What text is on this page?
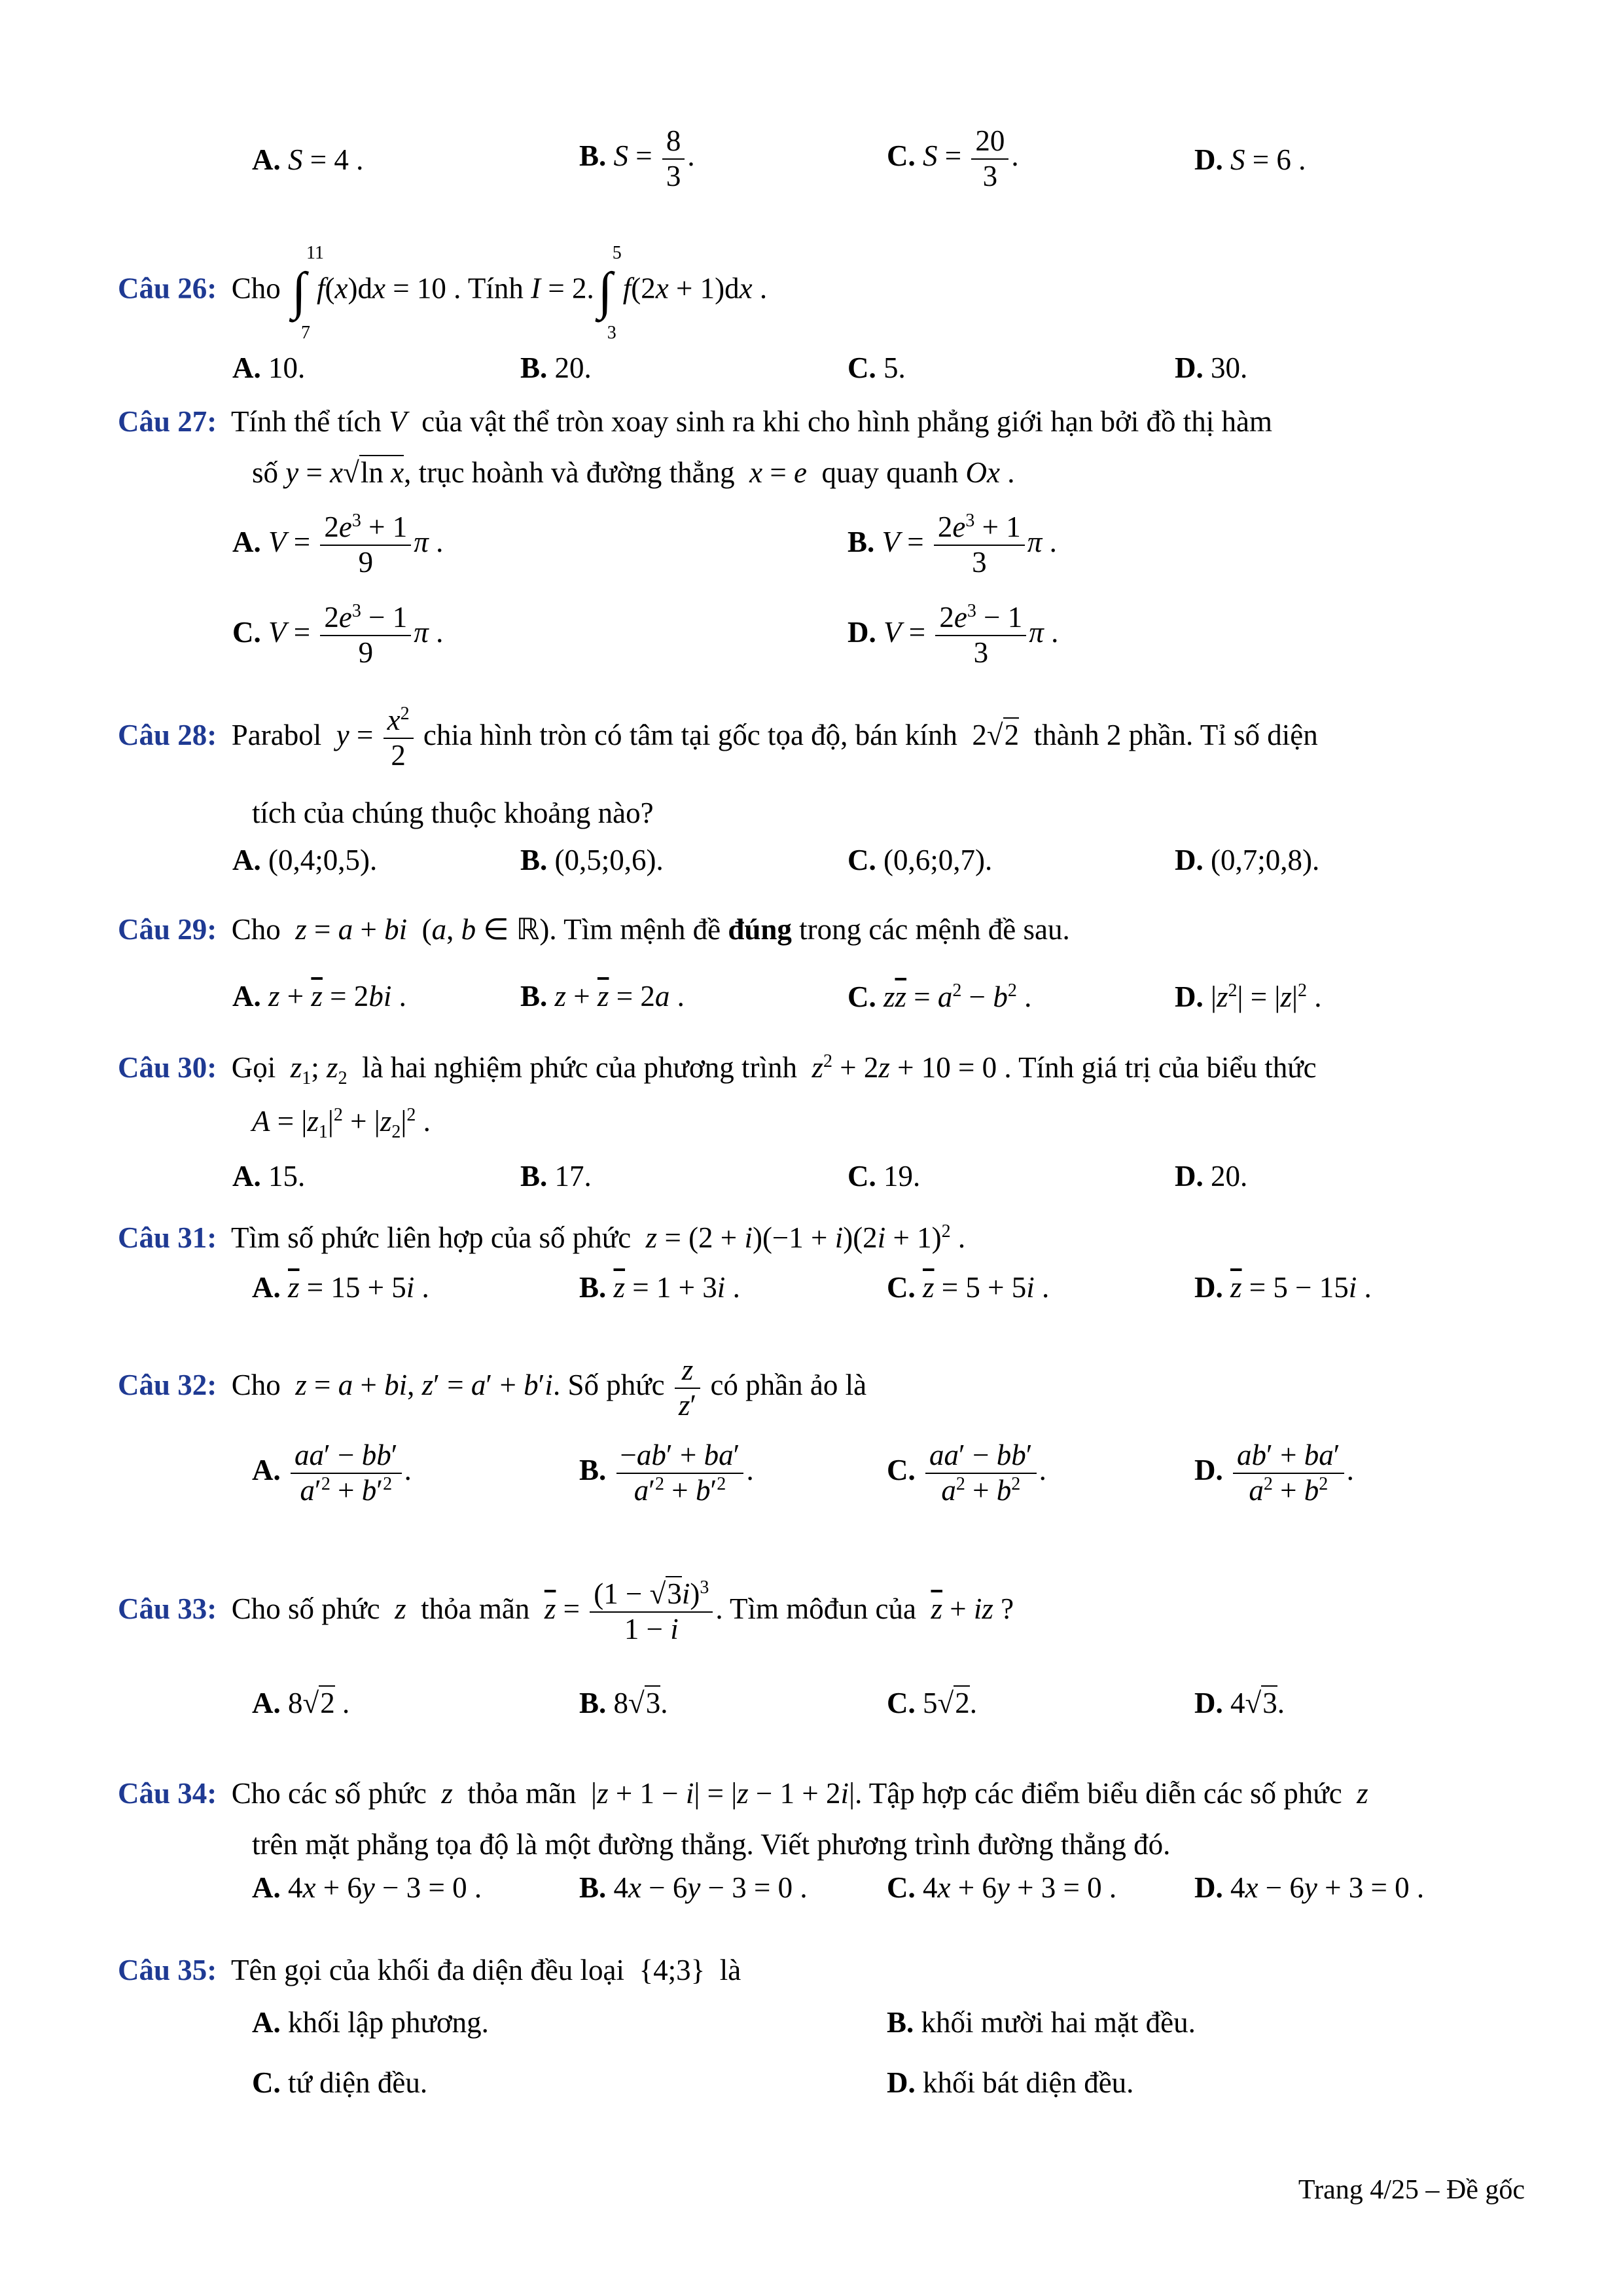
A. S = 4 .	B. $S = \frac{8}{3}$ .	C. $S = \frac{20}{3}$ .	D. S = 6 .
Câu 26: Cho
11
∫
7
f(x)dx = 10 . Tính I = 2.
5
∫
3
f(2x + 1)dx .
A. 10.	B. 20.	C. 5.	D. 30.
Câu 27: Tính thể tích V của vật thể tròn xoay sinh ra khi cho hình phẳng giới hạn bởi đồ thị hàm
số y = x√ln x, trục hoành và đường thẳng x = e quay quanh Ox .
A. $V = \frac{2e^3 + 1}{9}$ π .	B. $V = \frac{2e^3 + 1}{3}$ π .
C. $V = \frac{2e^3 - 1}{9}$ π .	D. $V = \frac{2e^3 - 1}{3}$ π .
Câu 28: Parabol $y = \frac{x^2}{2}$ chia hình tròn có tâm tại gốc tọa độ, bán kính  2√2 thành 2 phần. Tỉ số diện
tích của chúng thuộc khoảng nào?
A. (0,4;0,5).	B. (0,5;0,6).	C. (0,6;0,7).	D. (0,7;0,8).
Câu 29: Cho z = a + bi  (a, b ∈ ℝ). Tìm mệnh đề đúng trong các mệnh đề sau.
A. $z + \overline{z} = 2bi$ .	B. $z + \overline{z} = 2a$ .	C. $z\overline{z} = a^2 - b^2$ .	D. $|z^2| = |z|^2$ .
Câu 30: Gọi $z_1$; $z_2$ là hai nghiệm phức của phương trình $z^2 + 2z + 10 = 0$ . Tính giá trị của biểu thức
$A = |z_1|^2 + |z_2|^2$ .
A. 15.	B. 17.	C. 19.	D. 20.
Câu 31: Tìm số phức liên hợp của số phức $z = (2 + i)(-1 + i)(2i + 1)^2$ .
A. $\overline{z} = 15 + 5i$ .	B. $\overline{z} = 1 + 3i$ .	C. $\overline{z} = 5 + 5i$ .	D. $\overline{z} = 5 - 15i$ .
Câu 32: Cho z = a + bi, z′ = a′ + b′i. Số phức $\frac{z}{z'}$ có phần ảo là
A. $\frac{aa' - bb'}{a'^2 + b'^2}$ .	B. $\frac{-ab' + ba'}{a'^2 + b'^2}$ .	C. $\frac{aa' - bb'}{a^2 + b^2}$ .	D. $\frac{ab' + ba'}{a^2 + b^2}$ .
Câu 33: Cho số phức z thỏa mãn $\overline{z} = \frac{(1 - √3i)^3}{1 - i}$ . Tìm môđun của $\overline{z}$ + iz ?
A. 8√2 .	B. 8√3.	C. 5√2.	D. 4√3.
Câu 34: Cho các số phức z thỏa mãn  |z + 1 − i| = |z − 1 + 2i|. Tập hợp các điểm biểu diễn các số phức z
trên mặt phẳng tọa độ là một đường thẳng. Viết phương trình đường thẳng đó.
A. 4x + 6y − 3 = 0 .	B. 4x − 6y − 3 = 0 .	C. 4x + 6y + 3 = 0 .	D. 4x − 6y + 3 = 0 .
Câu 35: Tên gọi của khối đa diện đều loại  {4;3}  là
A. khối lập phương.	B. khối mười hai mặt đều.
C. tứ diện đều.	D. khối bát diện đều.
Trang 4/25 – Đề gốc
